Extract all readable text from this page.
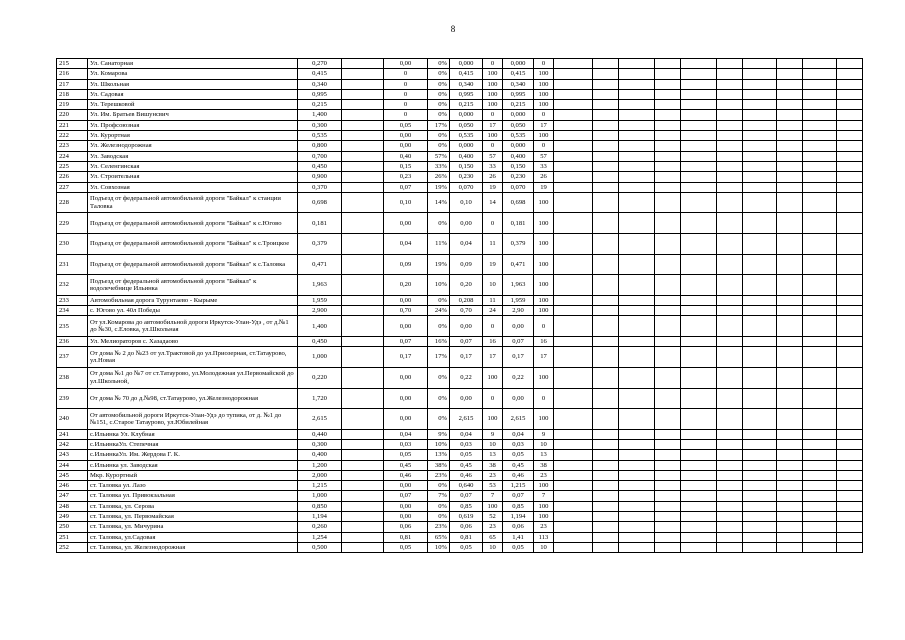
8
215	Ул. Санаторная	0,270		0,00	0%	0,000	0	0,000	0										
216	Ул. Комарова	0,415		0	0%	0,415	100	0,415	100										
217	Ул. Школьная	0,340		0	0%	0,340	100	0,340	100										
218	Ул. Садовая	0,995		0	0%	0,995	100	0,995	100										
219	Ул. Терешковой	0,215		0	0%	0,215	100	0,215	100										
220	Ул. Им. Братьев Вишунсвич	1,400		0	0%	0,000	0	0,000	0										
221	Ул. Профсоюзная	0,300		0,05	17%	0,050	17	0,050	17										
222	Ул. Курортная	0,535		0,00	0%	0,535	100	0,535	100										
223	Ул. Железнодорожная	0,800		0,00	0%	0,000	0	0,000	0										
224	Ул. Заводская	0,700		0,40	57%	0,400	57	0,400	57										
225	Ул. Селенгинская	0,450		0,15	33%	0,150	33	0,150	33										
226	Ул. Строительная	0,900		0,23	26%	0,230	26	0,230	26										
227	Ул. Совхозная	0,370		0,07	19%	0,070	19	0,070	19										
228	Подъезд от федеральной автомобильной дороги "Байкал" к станции Таловка	0,698		0,10	14%	0,10	14	0,698	100										
229	Подъезд от федеральной автомобильной дороги "Байкал" к с.Югово	0,181		0,00	0%	0,00	0	0,181	100										
230	Подъезд от федеральной автомобильной дороги "Байкал" к с.Троицкое	0,379		0,04	11%	0,04	11	0,379	100										
231	Подъезд от федеральной автомобильной дороги "Байкал" к с.Таловка	0,471		0,09	19%	0,09	19	0,471	100										
232	Подъезд от федеральной автомобильной дороги "Байкал" к водолечебнице Ильинка	1,963		0,20	10%	0,20	10	1,963	100										
233	Автомобильная дорога Турунтаево - Кырыме	1,959		0,00	0%	0,208	11	1,959	100										
234	с. Югово ул. 40л Победы	2,900		0,70	24%	0,70	24	2,90	100										
235	От ул.Комарова до автомобильной дороги Иркутск-Улан-Удэ , от д.№1 до №30, с.Еловка, ул.Школьная	1,400		0,00	0%	0,00	0	0,00	0										
236	Ул. Мелиораторов с. Хазадаово	0,450		0,07	16%	0,07	16	0,07	16										
237	От дома № 2 до №23 от ул.Трактовой до ул.Приозерная, ст.Татаурово, ул.Новая	1,000		0,17	17%	0,17	17	0,17	17										
238	От дома №1 до №7 от ст.Татаурово, ул.Молодежная ул.Первомайской до ул.Школьной,	0,220		0,00	0%	0,22	100	0,22	100										
239	От дома № 70 до д.№98, ст.Татаурово, ул.Железнодорожная	1,720		0,00	0%	0,00	0	0,00	0										
240	От автомобильной дороги Иркутск-Улан-Удэ до тупика, от д. №1 до №151, с.Старое Татаурово, ул.Юбилейная	2,615		0,00	0%	2,615	100	2,615	100										
241	с.Ильинка Ул. Клубная	0,440		0,04	9%	0,04	9	0,04	9										
242	с.ИльинкаУл. Степечная	0,300		0,03	10%	0,03	10	0,03	10										
243	с.ИльинкаУл. Им. Жердова Г. К.	0,400		0,05	13%	0,05	13	0,05	13										
244	с.Ильинка ул. Заводская	1,200		0,45	38%	0,45	38	0,45	38										
245	Мкр. Курортный	2,000		0,46	23%	0,46	23	0,46	23										
246	ст. Таловка ул. Лазо	1,215		0,00	0%	0,640	53	1,215	100										
247	ст. Таловка ул. Привокзальная	1,000		0,07	7%	0,07	7	0,07	7										
248	ст. Таловка, ул. Серова	0,850		0,00	0%	0,85	100	0,85	100										
249	ст. Таловка, ул. Первомайская	1,194		0,00	0%	0,619	52	1,194	100										
250	ст. Таловка, ул. Мичурина	0,260		0,06	23%	0,06	23	0,06	23										
251	ст. Таловка, ул.Садовая	1,254		0,81	65%	0,81	65	1,41	113										
252	ст. Таловка, ул. Железнодорожная	0,500		0,05	10%	0,05	10	0,05	10										
